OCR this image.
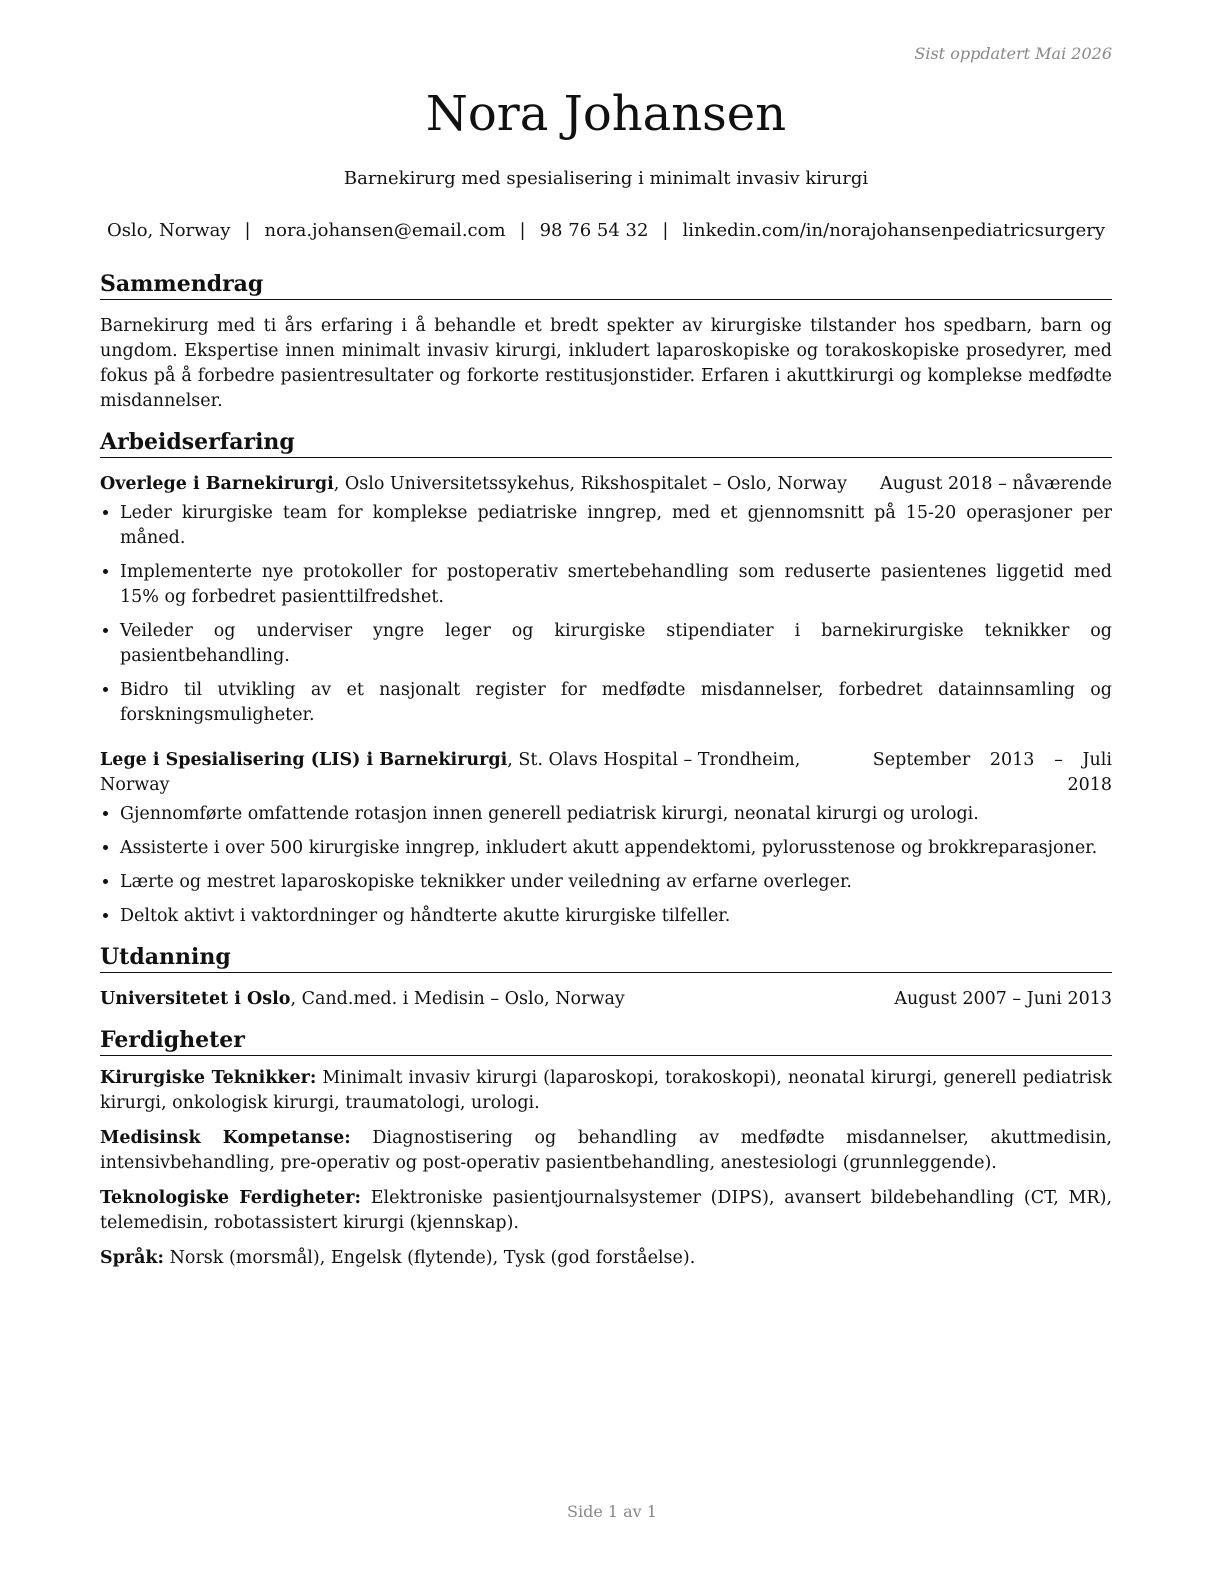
Sist oppdatert Mai 2026
Nora Johansen
Barnekirurg med spesialisering i minimalt invasiv kirurgi
Oslo, Norway | nora.johansen@email.com | 98 76 54 32 | linkedin.com/in/norajohansenpediatricsurgery
Sammendrag

Barnekirurg med ti års erfaring i å behandle et bredt spekter av kirurgiske tilstander hos spedbarn, barn og ungdom. Ekspertise innen minimalt invasiv kirurgi, inkludert laparoskopiske og torakoskopiske prosedyrer, med fokus på å forbedre pasientresultater og forkorte restitusjonstider. Erfaren i akuttkirurgi og komplekse medfødte misdannelser.

Arbeidserfaring
Overlege i Barnekirurgi, Oslo Universitetssykehus, Rikshospitalet – Oslo, Norway August 2018 – nåværende
• Leder kirurgiske team for komplekse pediatriske inngrep, med et gjennomsnitt på 15-20 operasjoner per måned.
• Implementerte nye protokoller for postoperativ smertebehandling som reduserte pasientenes liggetid med 15% og forbedret pasienttilfredshet.
• Veileder og underviser yngre leger og kirurgiske stipendiater i barnekirurgiske teknikker og pasientbehandling.
• Bidro til utvikling av et nasjonalt register for medfødte misdannelser, forbedret datainnsamling og forskningsmuligheter.
Lege i Spesialisering (LIS) i Barnekirurgi, St. Olavs Hospital – Trondheim, Norway
September 2013 – Juli 2018
• Gjennomførte omfattende rotasjon innen generell pediatrisk kirurgi, neonatal kirurgi og urologi.
• Assisterte i over 500 kirurgiske inngrep, inkludert akutt appendektomi, pylorusstenose og brokkreparasjoner.
• Lærte og mestret laparoskopiske teknikker under veiledning av erfarne overleger.
• Deltok aktivt i vaktordninger og håndterte akutte kirurgiske tilfeller.
Utdanning
Universitetet i Oslo, Cand.med. i Medisin – Oslo, Norway	August 2007 – Juni 2013
Ferdigheter

Kirurgiske Teknikker: Minimalt invasiv kirurgi (laparoskopi, torakoskopi), neonatal kirurgi, generell pediatrisk kirurgi, onkologisk kirurgi, traumatologi, urologi.

Medisinsk Kompetanse: Diagnostisering og behandling av medfødte misdannelser, akuttmedisin, intensivbehandling, pre-operativ og post-operativ pasientbehandling, anestesiologi (grunnleggende).

Teknologiske Ferdigheter: Elektroniske pasientjournalsystemer (DIPS), avansert bildebehandling (CT, MR), telemedisin, robotassistert kirurgi (kjennskap).

Språk: Norsk (morsmål), Engelsk (flytende), Tysk (god forståelse).

Side 1 av 1
